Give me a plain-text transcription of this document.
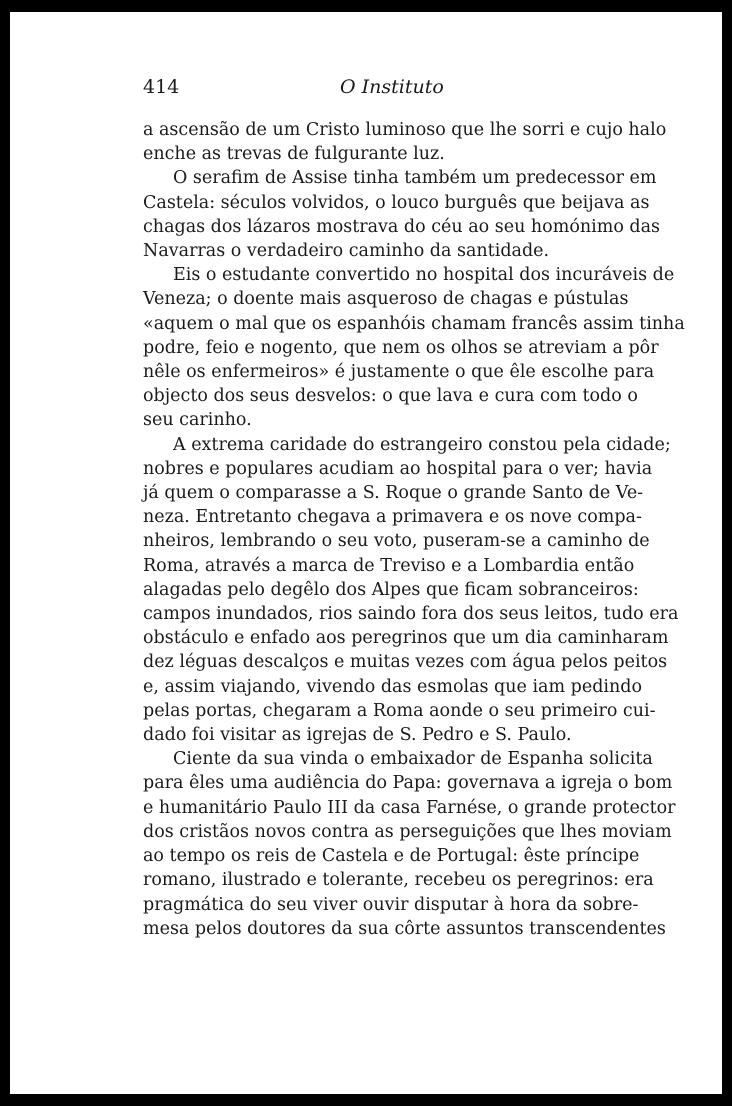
414	O Instituto

a ascensão de um Cristo luminoso que lhe sorri e cujo halo
enche as trevas de fulgurante luz.

O serafim de Assise tinha também um predecessor em
Castela: séculos volvidos, o louco burguês que beijava as
chagas dos lázaros mostrava do céu ao seu homónimo das
Navarras o verdadeiro caminho da santidade.

Eis o estudante convertido no hospital dos incuráveis de
Veneza; o doente mais asqueroso de chagas e pústulas
«aquem o mal que os espanhóis chamam francês assim tinha
podre, feio e nogento, que nem os olhos se atreviam a pôr
nêle os enfermeiros» é justamente o que êle escolhe para
objecto dos seus desvelos: o que lava e cura com todo o
seu carinho.

A extrema caridade do estrangeiro constou pela cidade;
nobres e populares acudiam ao hospital para o ver; havia
já quem o comparasse a S. Roque o grande Santo de Ve-
neza. Entretanto chegava a primavera e os nove compa-
nheiros, lembrando o seu voto, puseram-se a caminho de
Roma, através a marca de Treviso e a Lombardia então
alagadas pelo degêlo dos Alpes que ficam sobranceiros:
campos inundados, rios saindo fora dos seus leitos, tudo era
obstáculo e enfado aos peregrinos que um dia caminharam
dez léguas descalços e muitas vezes com água pelos peitos
e, assim viajando, vivendo das esmolas que iam pedindo
pelas portas, chegaram a Roma aonde o seu primeiro cui-
dado foi visitar as igrejas de S. Pedro e S. Paulo.

Ciente da sua vinda o embaixador de Espanha solicita
para êles uma audiência do Papa: governava a igreja o bom
e humanitário Paulo III da casa Farnése, o grande protector
dos cristãos novos contra as perseguições que lhes moviam
ao tempo os reis de Castela e de Portugal: êste príncipe
romano, ilustrado e tolerante, recebeu os peregrinos: era
pragmática do seu viver ouvir disputar à hora da sobre-
mesa pelos doutores da sua côrte assuntos transcendentes
